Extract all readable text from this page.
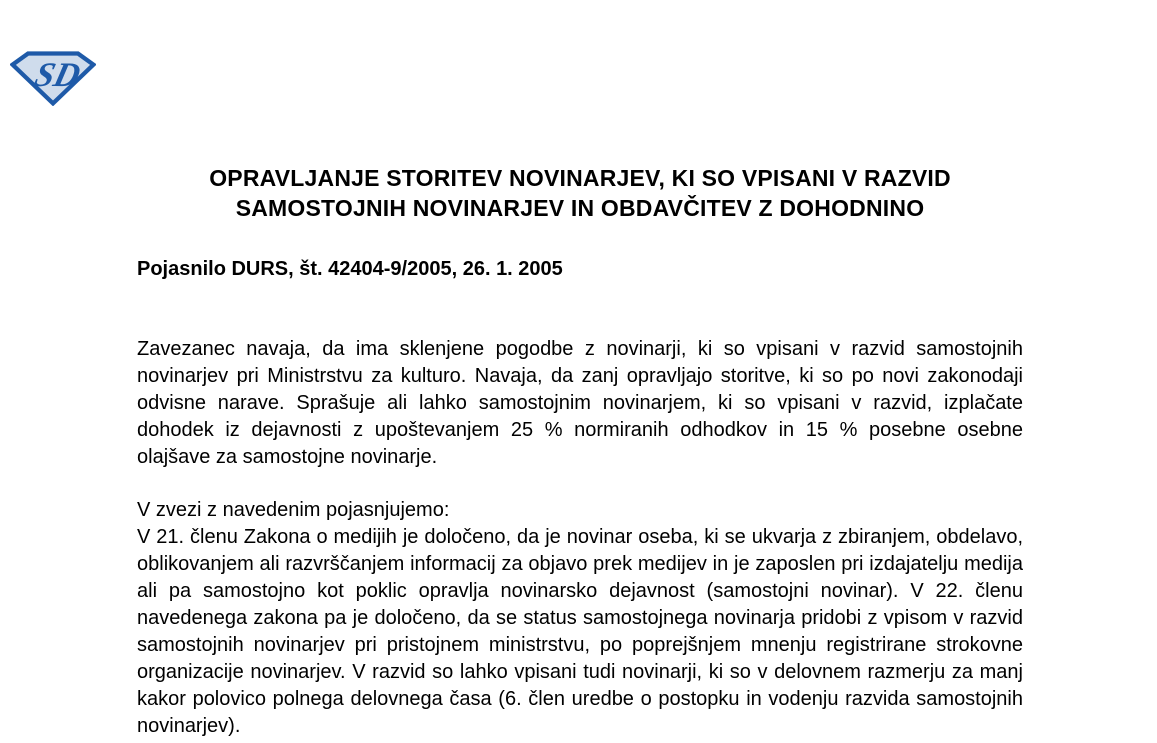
SD
OPRAVLJANJE STORITEV NOVINARJEV, KI SO VPISANI V RAZVID
SAMOSTOJNIH NOVINARJEV IN OBDAVČITEV Z DOHODNINO
Pojasnilo DURS, št. 42404-9/2005, 26. 1. 2005
Zavezanec navaja, da ima sklenjene pogodbe z novinarji, ki so vpisani v razvid samostojnih novinarjev pri Ministrstvu za kulturo. Navaja, da zanj opravljajo storitve, ki so po novi zakonodaji odvisne narave. Sprašuje ali lahko samostojnim novinarjem, ki so vpisani v razvid, izplačate dohodek iz dejavnosti z upoštevanjem 25 % normiranih odhodkov in 15 % posebne osebne olajšave za samostojne novinarje.
V zvezi z navedenim pojasnjujemo:
V 21. členu Zakona o medijih je določeno, da je novinar oseba, ki se ukvarja z zbiranjem, obdelavo, oblikovanjem ali razvrščanjem informacij za objavo prek medijev in je zaposlen pri izdajatelju medija ali pa samostojno kot poklic opravlja novinarsko dejavnost (samostojni novinar). V 22. členu navedenega zakona pa je določeno, da se status samostojnega novinarja pridobi z vpisom v razvid samostojnih novinarjev pri pristojnem ministrstvu, po poprejšnjem mnenju registrirane strokovne organizacije novinarjev. V razvid so lahko vpisani tudi novinarji, ki so v delovnem razmerju za manj kakor polovico polnega delovnega časa (6. člen uredbe o postopku in vodenju razvida samostojnih novinarjev).
